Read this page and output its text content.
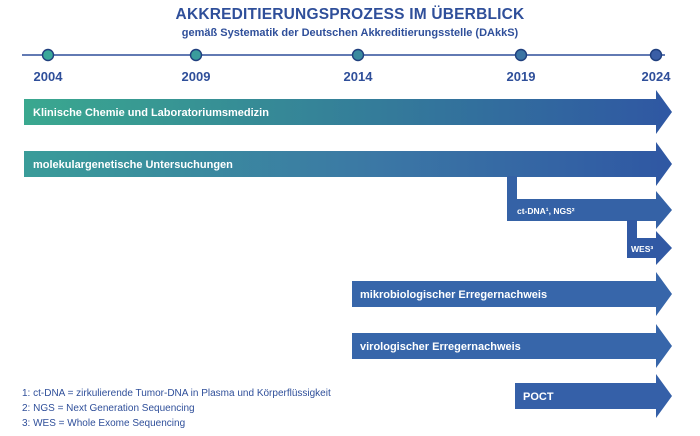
AKKREDITIERUNGSPROZESS IM ÜBERBLICK
gemäß Systematik der Deutschen Akkreditierungsstelle (DAkkS)
2004	2009	2014	2019	2024
Klinische Chemie und Laboratoriumsmedizin
molekulargenetische Untersuchungen
ct-DNA¹, NGS²
WES³
mikrobiologischer Erregernachweis
virologischer Erregernachweis
POCT
1: ct-DNA = zirkulierende Tumor-DNA in Plasma und Körperflüssigkeit
2: NGS = Next Generation Sequencing
3: WES = Whole Exome Sequencing
